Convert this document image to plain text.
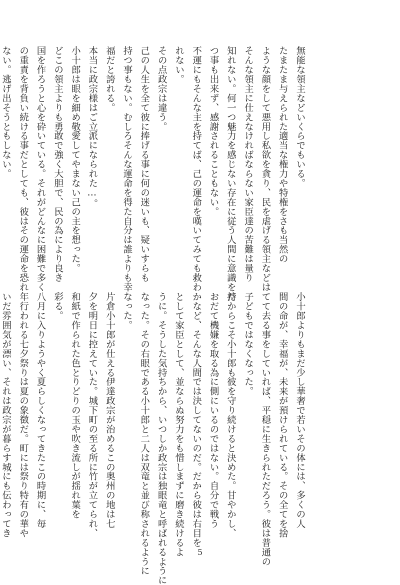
無能な領主などいくらでもいる。
たまたま与えられた適当な権力や特権をさも当然の
ような顔をして悪用し私欲を貪り、民を虐げる領主などは
そんな領主に仕えなければならない家臣達の苦難は量り
知れない。何一つ魅力を感じない存在に従う人間に意識を持
つ事も出来ず、感謝されることもない。
不運にもそんな主を持てば、己の運命を嘆いてみても救わ
れない。
その点政宗は違う。
己の人生を全て彼に捧げる事に何の迷いも、疑いすらも
持つ事もない。むしろそんな運命を得た自分は誰よりも幸
福だと誇れる。
本当に政宗様はご立派になられた…。
小十郎は眼を細め敬愛してやまない己の主を想った。
どこの領主よりも勇敢で強く大胆で、民の為により良き
国を作ろうと心を砕いている。それがどんなに困難で多く
の重責を背負い続ける事だとしても、彼はその運命を恐れ
ない。逃げ出そうともしない。
小十郎よりもまだ少し華奢で若いその体には、多くの人
間の命が、幸福が、未来が預けられている。その全てを捨
てて去る事をしていれば、平穏に生きられただろう。彼は普通の
子どもではなくなった。
だからこそ小十郎も彼を守り続けると決めた。甘やかし、
おだて機嫌を取る為に側にいるのではない。自分で戦う
かなど、そんな人間では決してないのだ。だから彼は右目を
として家臣として、並ならぬ努力をも惜しまずに磨き続けるよ
うに。そうした気持ちから、いつしか政宗は独眼竜と呼ばれるように
なった。その右眼である小十郎と二人は双竜と並び称されるように
なった。
片倉小十郎が仕える伊達政宗が治めるこの奥州の地は七
夕を明日に控えていた。城下町の至る所に竹が立てられ、
和紙で作られた色とりどりの玉や吹き流しが揺れ葉を
彩る。
八月に入りようやく夏らしくなってきたこの時期に、毎
年行われる七夕祭りは夏の象徴だ。町には祭り特有の華や
いだ雰囲気が漂い、それは政宗が暮らす城にも伝わってき

5
